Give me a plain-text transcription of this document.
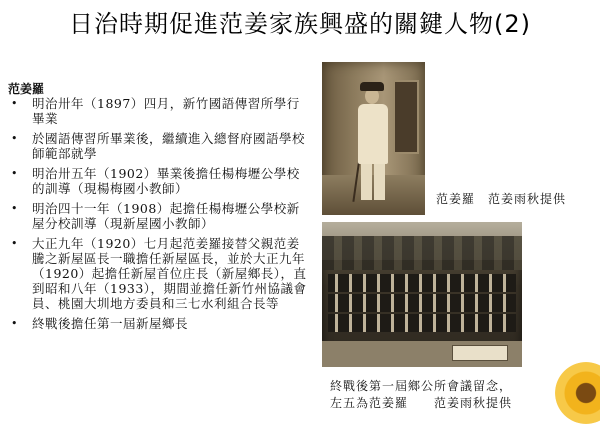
日治時期促進范姜家族興盛的關鍵人物(2)
范姜羅
• 明治卅年（1897）四月，新竹國語傳習所學行畢業
• 於國語傳習所畢業後，繼續進入總督府國語學校師範部就學
• 明治卅五年（1902）畢業後擔任楊梅壢公學校的訓導（現楊梅國小教師）
• 明治四十一年（1908）起擔任楊梅壢公學校新屋分校訓導（現新屋國小教師）
• 大正九年（1920）七月起范姜羅接替父親范姜騰之新屋區長一職擔任新屋區長，並於大正九年（1920）起擔任新屋首位庄長（新屋鄉長），直到昭和八年（1933），期間並擔任新竹州協議會員、桃園大圳地方委員和三七水利組合長等
• 終戰後擔任第一屆新屋鄉長
范姜羅　范姜雨秋提供
終戰後第一屆鄉公所會議留念，
左五為范姜羅　　范姜雨秋提供
